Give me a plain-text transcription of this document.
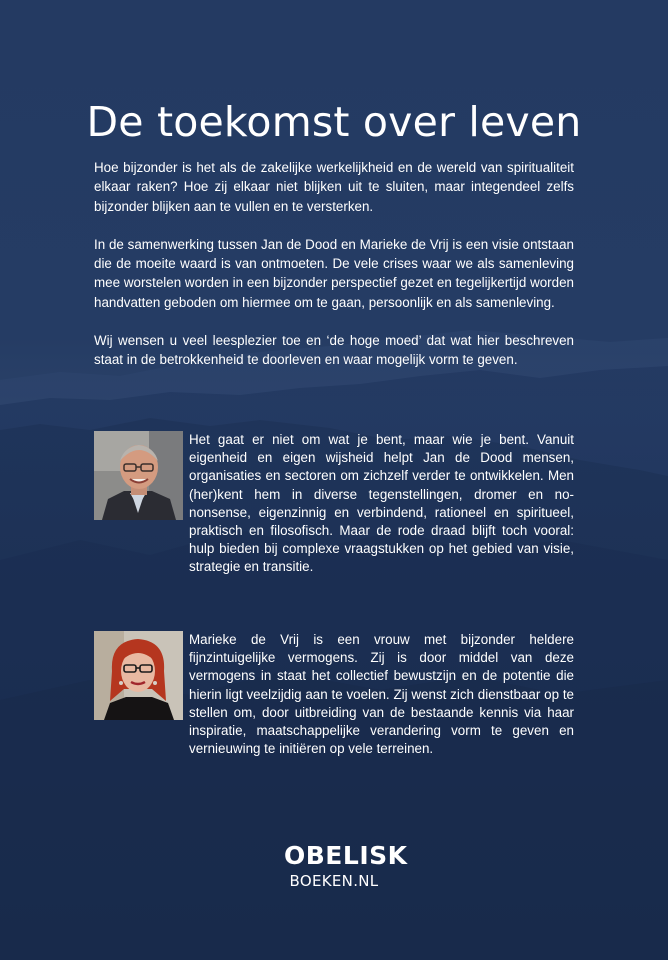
De toekomst over leven

Hoe bijzonder is het als de zakelijke werkelijkheid en de wereld van spiritualiteit elkaar raken? Hoe zij elkaar niet blijken uit te sluiten, maar integendeel zelfs bijzonder blijken aan te vullen en te versterken.

In de samenwerking tussen Jan de Dood en Marieke de Vrij is een visie ontstaan die de moeite waard is van ontmoeten. De vele crises waar we als samenleving mee worstelen worden in een bijzonder perspectief gezet en tegelijkertijd worden handvatten geboden om hiermee om te gaan, persoonlijk en als samenleving.

Wij wensen u veel leesplezier toe en ‘de hoge moed’ dat wat hier beschreven staat in de betrokkenheid te doorleven en waar mogelijk vorm te geven.

Het gaat er niet om wat je bent, maar wie je bent. Vanuit eigenheid en eigen wijsheid helpt Jan de Dood mensen, organisaties en sectoren om zichzelf verder te ontwikkelen. Men (her)kent hem in diverse tegenstellingen, dromer en no-nonsense, eigenzinnig en verbindend, rationeel en spiritueel, praktisch en filosofisch. Maar de rode draad blijft toch vooral: hulp bieden bij complexe vraagstukken op het gebied van visie, strategie en transitie.

Marieke de Vrij is een vrouw met bijzonder heldere fijnzintuigelijke vermogens. Zij is door middel van deze vermogens in staat het collectief bewustzijn en de potentie die hierin ligt veelzijdig aan te voelen. Zij wenst zich dienstbaar op te stellen om, door uitbreiding van de bestaande kennis via haar inspiratie, maatschappelijke verandering vorm te geven en vernieuwing te initiëren op vele terreinen.

OBELISK
BOEKEN.NL
